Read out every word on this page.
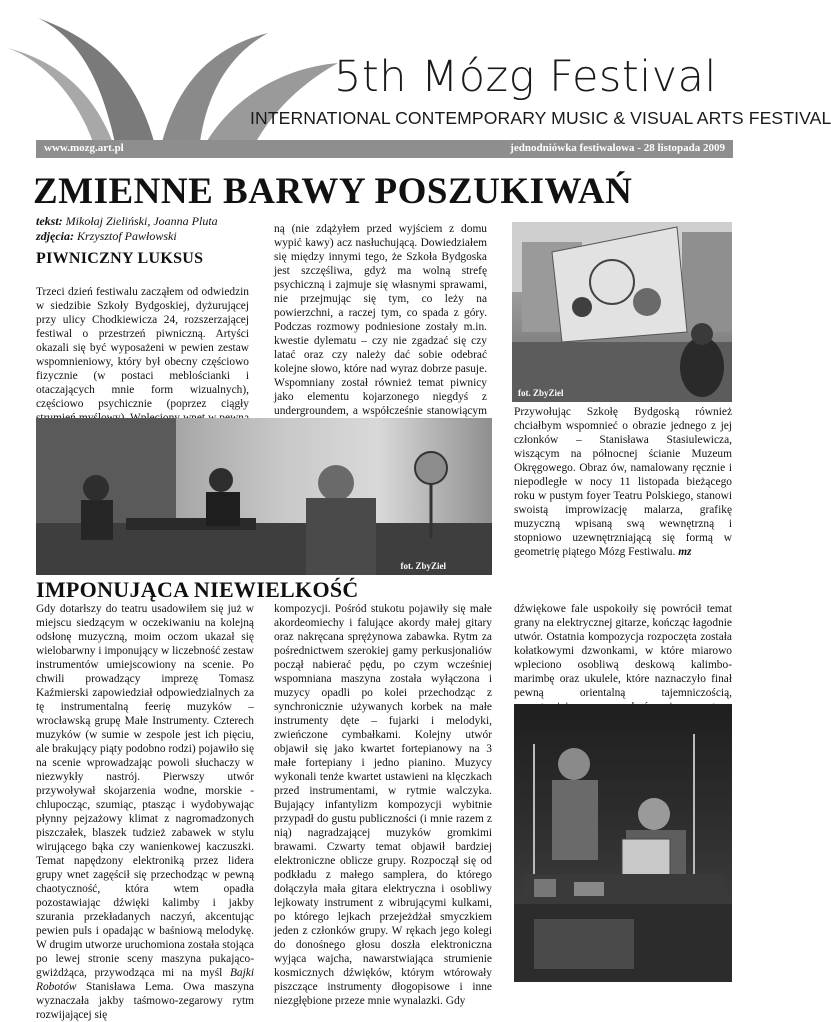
5th Mózg Festival
INTERNATIONAL CONTEMPORARY MUSIC & VISUAL ARTS FESTIVAL
www.mozg.art.pl	jednodniówka festiwalowa - 28 listopada 2009
ZMIENNE BARWY POSZUKIWAŃ
tekst: Mikołaj Zieliński, Joanna Pluta
zdjęcia: Krzysztof Pawłowski
PIWNICZNY LUKSUS

Trzeci dzień festiwalu zacząłem od odwiedzin w siedzibie Szkoły Bydgoskiej, dyżurującej przy ulicy Chodkiewicza 24, rozszerzającej festiwal o przestrzeń piwniczną. Artyści okazali się być wyposażeni w pewien zestaw wspomnieniowy, który był obecny częściowo fizycznie (w postaci meblościanki i otaczających mnie form wizualnych), częściowo psychicznie (poprzez ciągły

ną (nie zdążyłem przed wyjściem z domu wypić kawy) acz nasłuchującą. Dowiedziałem się między innymi tego, że Szkoła Bydgoska jest szczęśliwa, gdyż ma wolną strefę psychiczną i zajmuje się własnymi sprawami, nie przejmując się tym, co leży na powierzchni, a raczej tym, co spada z góry. Podczas rozmowy podniesione zostały m.in. kwestie dylematu – czy nie zgadzać się czy latać oraz czy należy dać sobie odebrać kolejne słowo, które nad wyraz dobrze pasuje. Wspomniany został również temat piwnicy jako elementu kojarzonego niegdyś z undergroundem, a współcześnie stanowiącym

fot. ZbyZiel
fot. ZbyZiel

Przywołując Szkołę Bydgoską również chciałbym wspomnieć o obrazie jednego z jej członków – Stanisława Stasiulewicza, wiszącym na północnej ścianie Muzeum Okręgowego. Obraz ów, namalowany ręcznie i niepodległe w nocy 11 listopada bieżącego roku w pustym foyer Teatru Polskiego, stanowi swoistą improwizację malarza, grafikę muzyczną wpisaną swą wewnętrzną i stopniowo uzewnętrzniającą się formą w geometrię piątego Mózg Festiwalu. mz

IMPONUJĄCA NIEWIELKOŚĆ

Gdy dotarłszy do teatru usadowiłem się już w miejscu siedzącym w oczekiwaniu na kolejną odsłonę muzyczną, moim oczom ukazał się wielobarwny i imponujący w liczebność zestaw instrumentów umiejscowiony na scenie. Po chwili prowadzący imprezę Tomasz Kaźmierski zapowiedział odpowiedzialnych za tę instrumentalną feerię muzyków – wrocławską grupę Małe Instrumenty. Czterech muzyków (w sumie w zespole jest ich pięciu, ale brakujący piąty podobno rodzi) pojawiło się na scenie wprowadzając powoli słuchaczy w niezwykły nastrój. Pierwszy utwór przywoływał skojarzenia wodne, morskie - chlupocząc, szumiąc, ptasząc i wydobywając płynny pejzażowy klimat z nagromadzonych piszczałek, blaszek tudzież zabawek w stylu wirującego bąka czy wanienkowej kaczuszki. Temat napędzony elektroniką przez lidera grupy wnet zagęścił się przechodząc w pewną chaotyczność, która wtem opadła pozostawiając dźwięki kalimby i jakby szurania przekładanych naczyń, akcentując pewien puls i opadając w baśniową melodykę. W drugim utworze uruchomiona została stojąca po lewej stronie sceny maszyna pukająco-gwiżdżąca, przywodząca mi na myśl Bajki Robotów Stanisława Lema. Owa maszyna wyznaczała jakby taśmowo-zegarowy rytm rozwijającej się

kompozycji. Pośród stukotu pojawiły się małe akordeomiechy i falujące akordy małej gitary oraz nakręcana sprężynowa zabawka. Rytm za pośrednictwem szerokiej gamy perkusjonaliów począł nabierać pędu, po czym wcześniej wspomniana maszyna została wyłączona i muzycy opadli po kolei przechodząc z synchronicznie używanych korbek na małe instrumenty dęte – fujarki i melodyki, zwieńczone cymbałkami. Kolejny utwór objawił się jako kwartet fortepianowy na 3 małe fortepiany i jedno pianino. Muzycy wykonali tenże kwartet ustawieni na klęczkach przed instrumentami, w rytmie walczyka. Bujający infantylizm kompozycji wybitnie przypadł do gustu publiczności (i mnie razem z nią) nagradzającej muzyków gromkimi brawami. Czwarty temat objawił bardziej elektroniczne oblicze grupy. Rozpoczął się od podkładu z małego samplera, do którego dołączyła mała gitara elektryczna i osobliwy lejkowaty instrument z wibrującymi kulkami, po którego lejkach przejeżdżał smyczkiem jeden z członków grupy. W rękach jego kolegi do donośnego głosu doszła elektroniczna wyjąca wajcha, nawarstwiająca strumienie kosmicznych dźwięków, którym wtórowały piszczące instrumenty dłogopisowe i inne niezgłębione przeze mnie wynalazki. Gdy

dźwiękowe fale uspokoiły się powrócił temat grany na elektrycznej gitarze, kończąc łagodnie utwór. Ostatnia kompozycja rozpoczęta została kołatkowymi dzwonkami, w które miarowo wpleciono osobliwą deskową kalimbo-marimbę oraz ukulele, które naznaczyło finał pewną orientalną tajemniczością,
